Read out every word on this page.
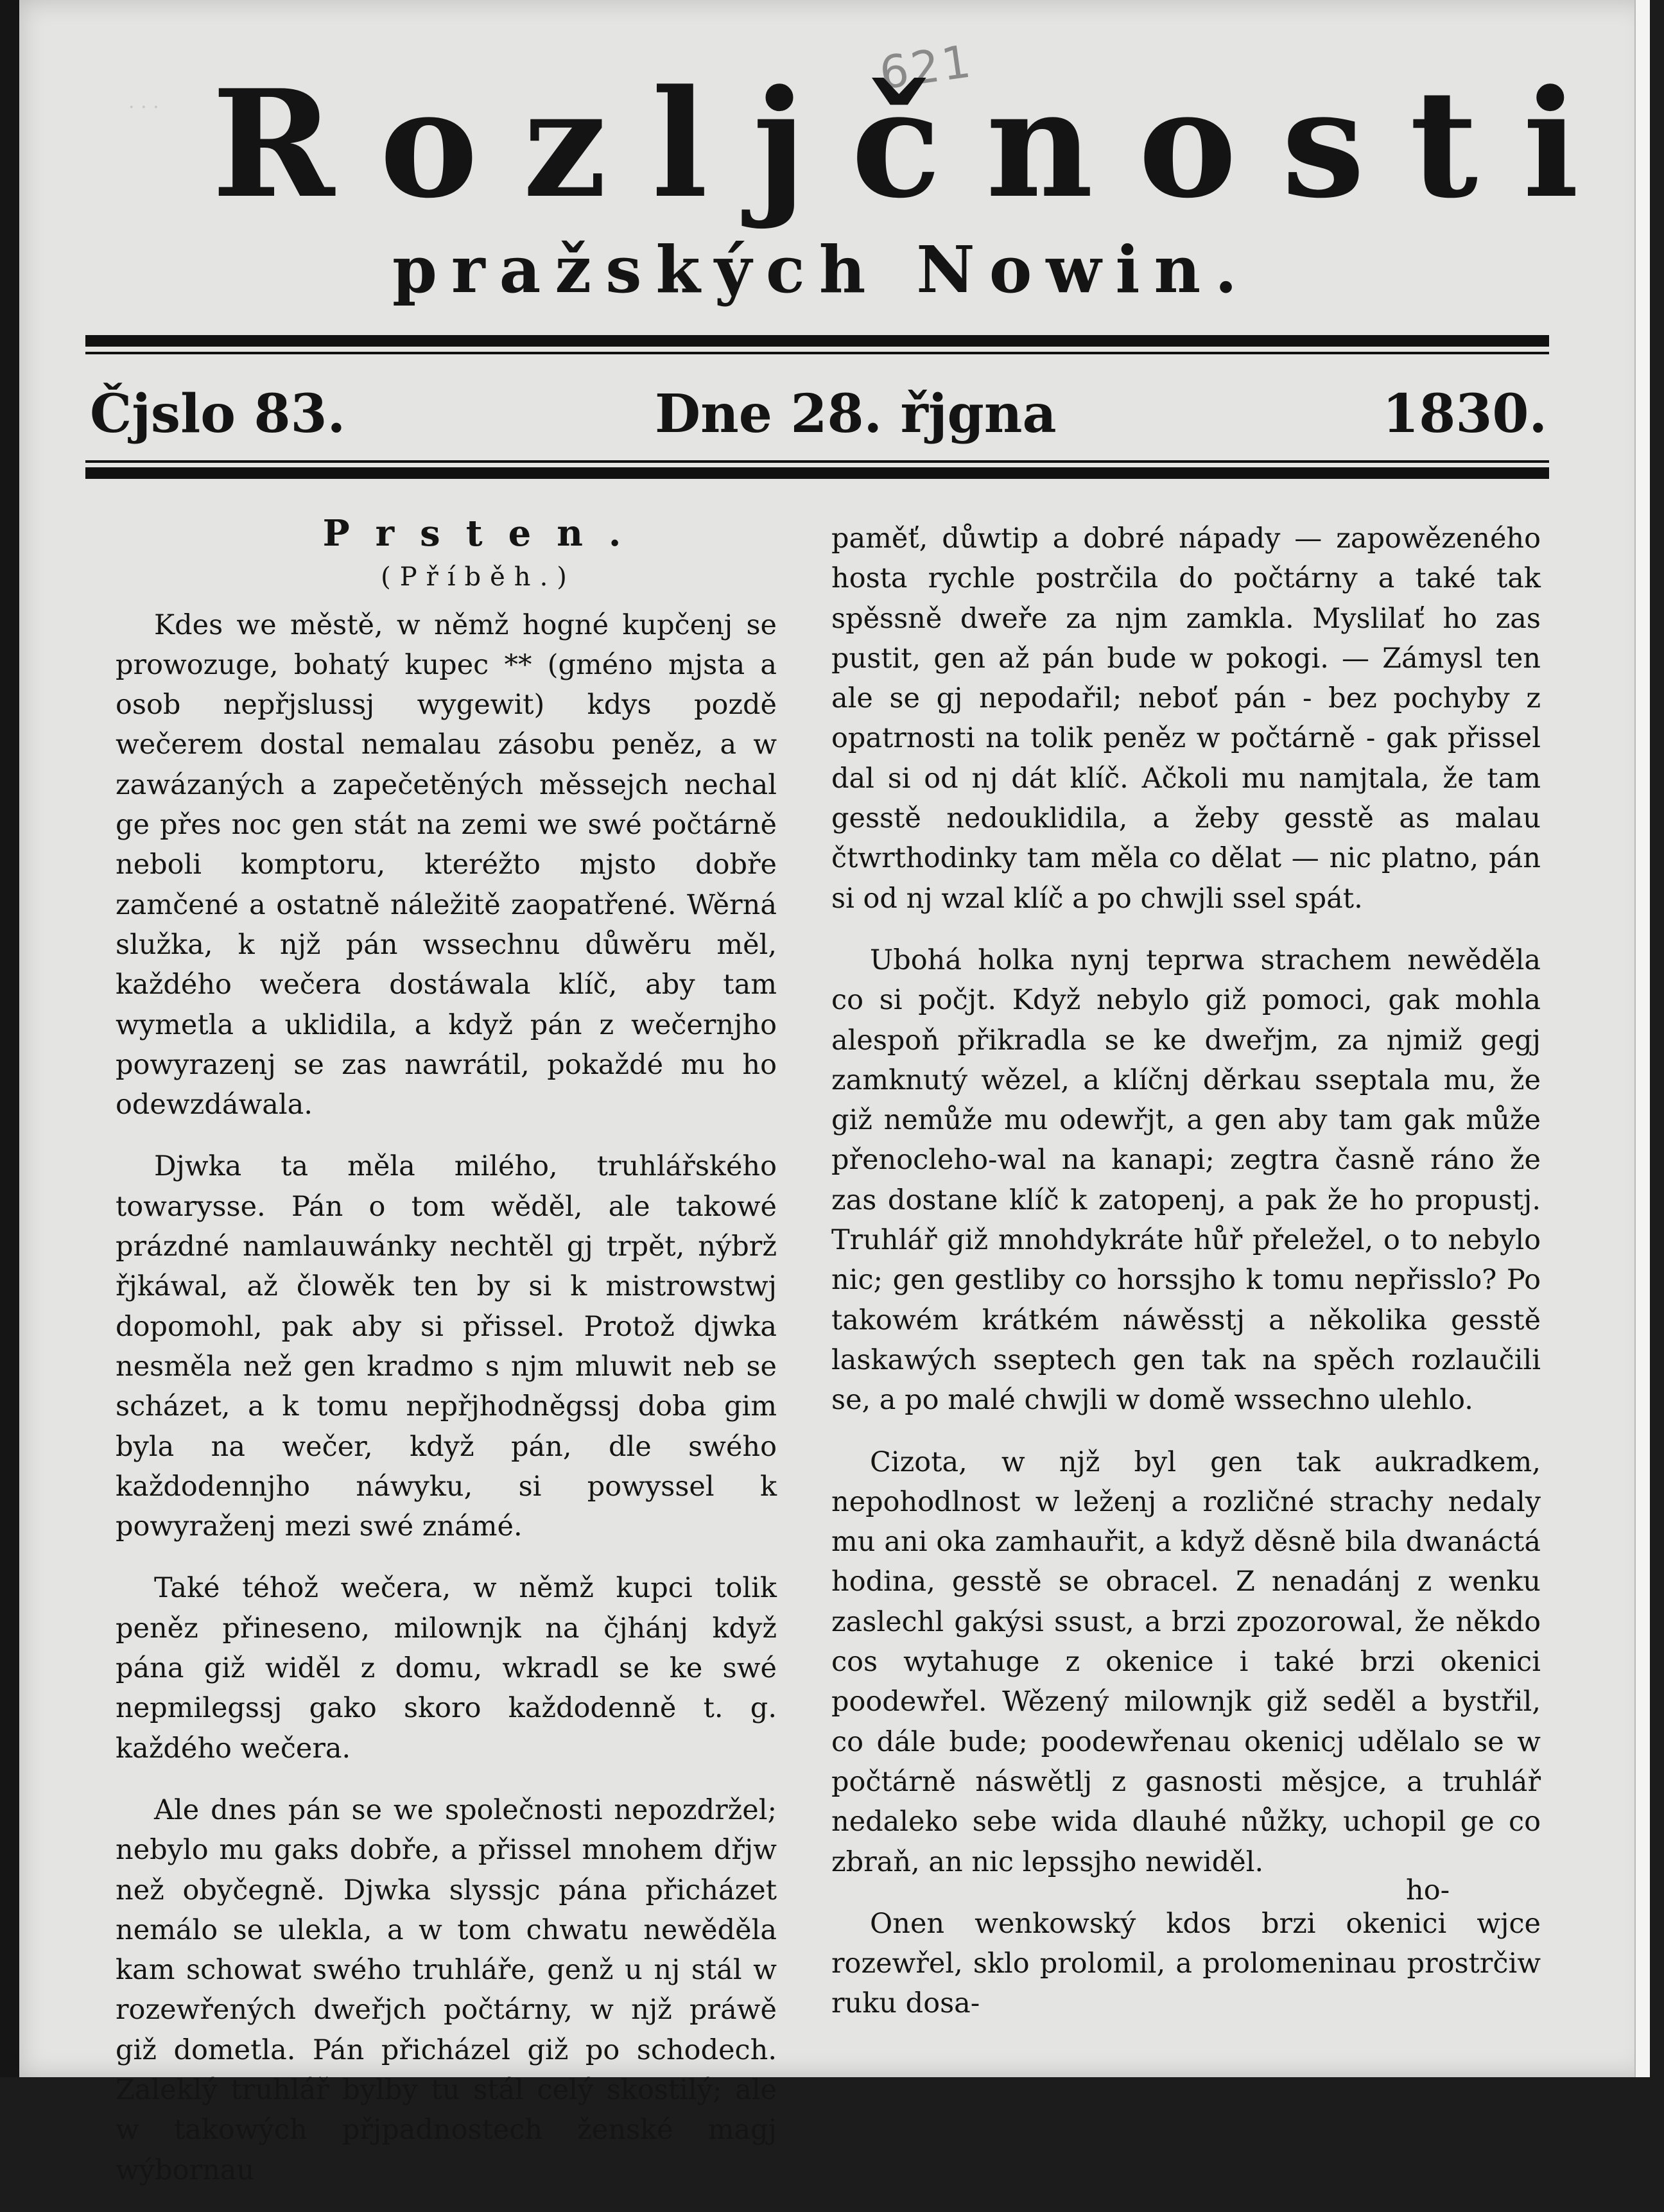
· · ·
621
Rozlјčnosti
pražských Nowin.
Čjslo 83.	Dne 28. řjgna	1830.
Prsten.
(Příběh.)

Kdes we městě, w němž hogné kupčenj se prowozuge, bohatý kupec ** (gméno mjsta a osob nepřjslussj wygewit) kdys pozdě wečerem dostal nemalau zásobu peněz, a w zawázaných a zapečetěných měssejch nechal ge přes noc gen stát na zemi we swé počtárně neboli komptoru, kteréžto mjsto dobře zamčené a ostatně náležitě zaopatřené. Wěrná služka, k njž pán wssechnu důwěru měl, každého wečera dostáwala klíč, aby tam wymetla a uklidila, a když pán z wečernjho powyrazenj se zas nawrátil, pokaždé mu ho odewzdáwala.

Djwka ta měla milého, truhlářského towaryssе. Pán o tom wěděl, ale takowé prázdné namlauwánky nechtěl gj trpět, nýbrž řjkáwal, až člowěk ten by si k mistrowstwj dopomohl, pak aby si přissel. Protož djwka nesměla než gen kradmo s njm mluwit neb se scházet, a k tomu nepřjhodněgssj doba gim byla na wečer, když pán, dle swého každodennjho náwyku, si powyssel k powyraženj mezi swé známé.

Také téhož wečera, w němž kupci tolik peněz přineseno, milownjk na čjhánj když pána giž widěl z domu, wkradl se ke swé nepmilegssj gako skoro každodenně t. g. každého wečera.

Ale dnes pán se we společnosti nepozdržel; nebylo mu gaks dobře, a přissel mnohem dřjw než obyčegně. Djwka slyssjc pána přicházet nemálo se ulekla, a w tom chwatu newěděla kam schowat swého truhláře, genž u nj stál w rozewřených dweřjch počtárny, w njž práwě giž dometla. Pán přicházel giž po schodech. Zaleklý truhlář bylby tu stál celý skostilý; ale w takowých přjpadnostech ženské magj wýbornau

paměť, důwtip a dobré nápady — zapowězeného hosta rychle postrčila do počtárny a také tak spěssně dweře za njm zamkla. Myslilať ho zas pustit, gen až pán bude w pokogi. — Zámysl ten ale se gj nepodařil; neboť pán - bez pochyby z opatrnosti na tolik peněz w počtárně - gak přissel dal si od nj dát klíč. Ačkoli mu namjtala, že tam gesstě nedouklidila, a žeby gesstě as malau čtwrthodinky tam měla co dělat — nic platno, pán si od nj wzal klíč a po chwjli ssel spát.

Ubohá holka nynj teprwa strachem newěděla co si počjt. Když nebylo giž pomoci, gak mohla alespoň přikradla se ke dweřjm, za njmiž gegj zamknutý wězel, a klíčnj děrkau sseptala mu, že giž nemůže mu odewřjt, a gen aby tam gak může přenocleho-wal na kanapi; zegtra časně ráno že zas dostane klíč k zatopenj, a pak že ho propustj. Truhlář giž mnohdykráte hůř přeležel, o to nebylo nic; gen gestliby co horssjho k tomu nepřisslo? Po takowém krátkém náwěsstj a několika gesstě laskawých sseptech gen tak na spěch rozlaučili se, a po malé chwjli w domě wssechno ulehlo.

Cizota, w njž byl gen tak aukradkem, nepohodlnost w leženj a rozličné strachy nedaly mu ani oka zamhauřit, a když děsně bila dwanáctá hodina, gesstě se obracel. Z nenadánj z wenku zaslechl gakýsi ssust, a brzi zpozorowal, že někdo cos wytahuge z okenice i také brzi okenici poodewřel. Wězený milownjk giž seděl a bystřil, co dále bude; poodewřenau okenicj udělalo se w počtárně náswětlj z gasnosti měsjce, a truhlář nedaleko sebe wida dlauhé nůžky, uchopil ge co zbraň, an nic lepssjho newiděl.

Onen wenkowský kdos brzi okenici wjce rozewřel, sklo prolomil, a prolomeninau prostrčiw ruku dosa-

ho-
